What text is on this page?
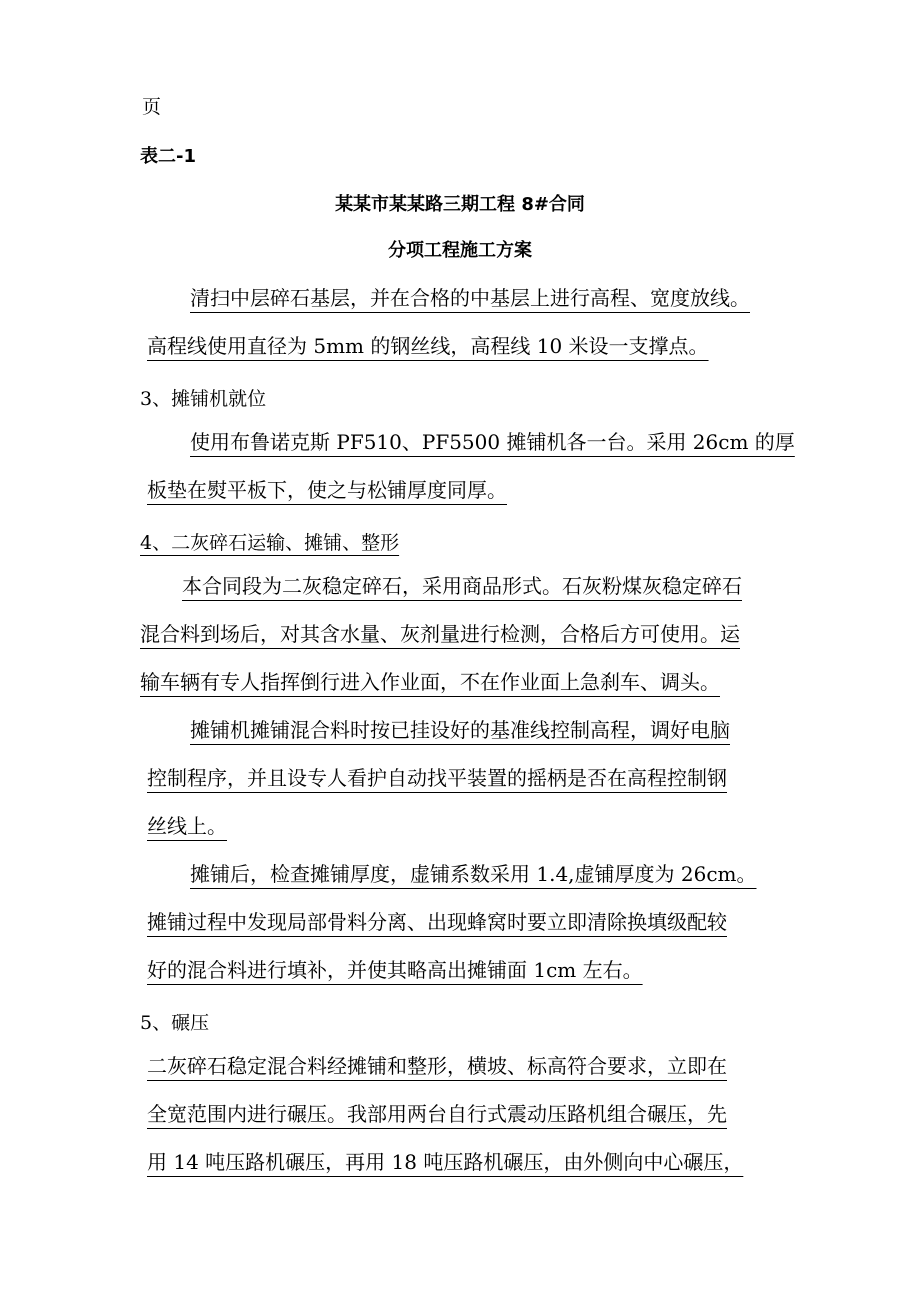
页
表二-1
某某市某某路三期工程 8#合同
分项工程施工方案
清扫中层碎石基层，并在合格的中基层上进行高程、宽度放线。
高程线使用直径为 5mm 的钢丝线，高程线 10 米设一支撑点。
3、摊铺机就位
使用布鲁诺克斯 PF510、PF5500 摊铺机各一台。采用 26cm 的厚
板垫在熨平板下，使之与松铺厚度同厚。
4、二灰碎石运输、摊铺、整形
本合同段为二灰稳定碎石，采用商品形式。石灰粉煤灰稳定碎石
混合料到场后，对其含水量、灰剂量进行检测，合格后方可使用。运
输车辆有专人指挥倒行进入作业面，不在作业面上急刹车、调头。
摊铺机摊铺混合料时按已挂设好的基准线控制高程，调好电脑
控制程序，并且设专人看护自动找平装置的摇柄是否在高程控制钢
丝线上。
摊铺后，检查摊铺厚度，虚铺系数采用 1.4,虚铺厚度为 26cm。
摊铺过程中发现局部骨料分离、出现蜂窝时要立即清除换填级配较
好的混合料进行填补，并使其略高出摊铺面 1cm 左右。
5、碾压
二灰碎石稳定混合料经摊铺和整形，横坡、标高符合要求，立即在
全宽范围内进行碾压。我部用两台自行式震动压路机组合碾压，先
用 14 吨压路机碾压，再用 18 吨压路机碾压，由外侧向中心碾压，
